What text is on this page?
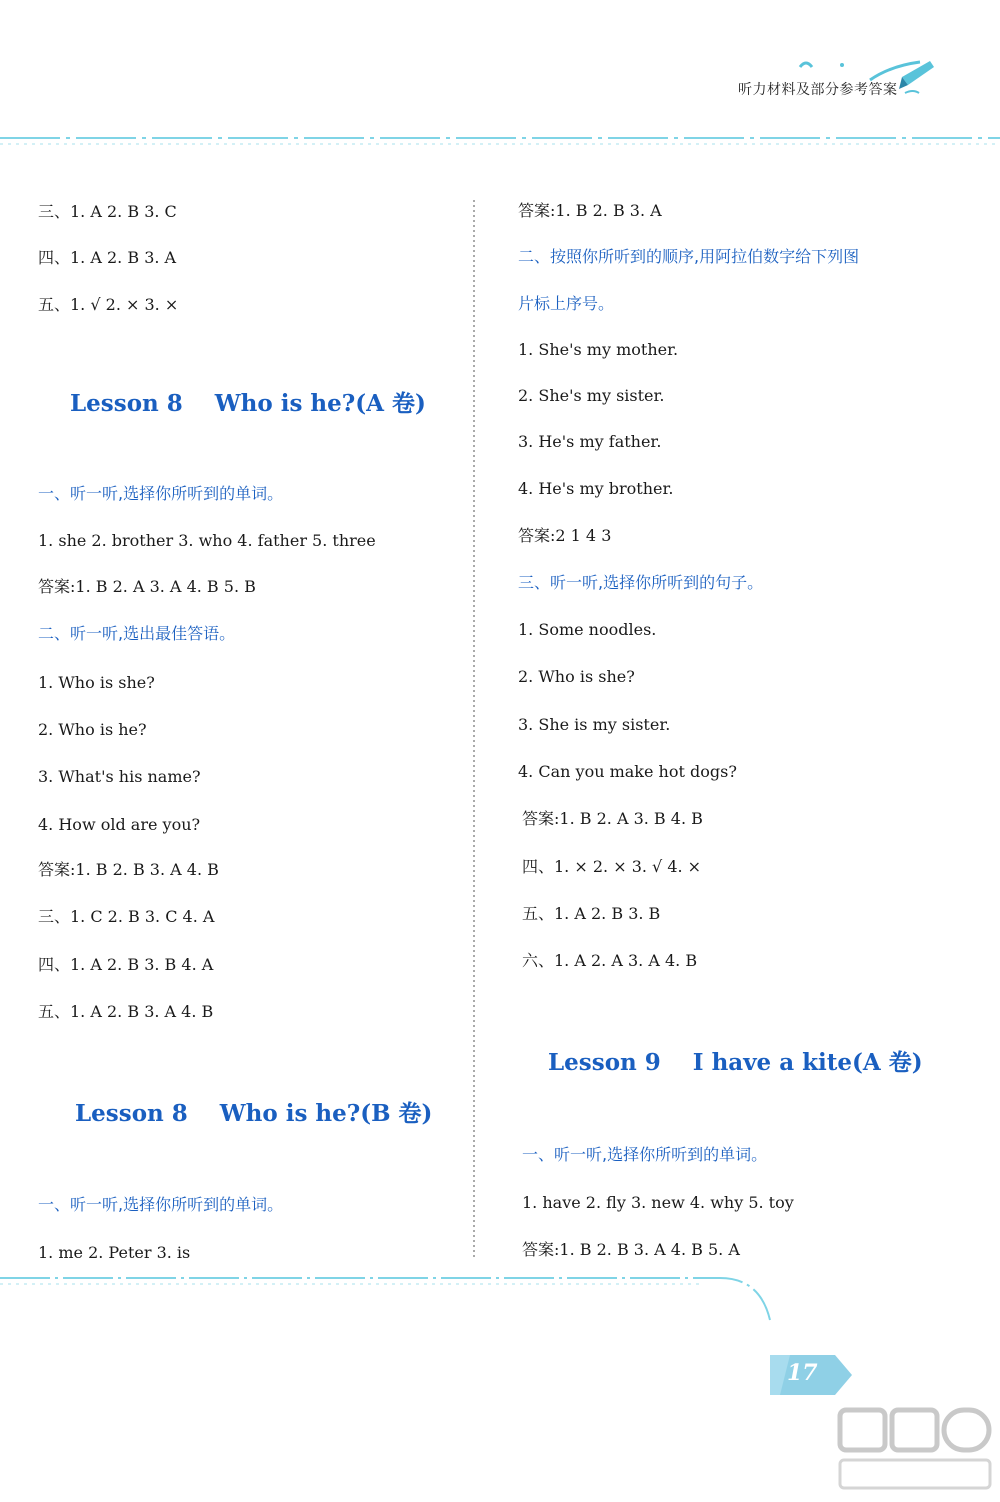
听力材料及部分参考答案
三、1. A 2. B 3. C
四、1. A 2. B 3. A
五、1. √ 2. × 3. ×
Lesson 8    Who is he?(A 卷)
一、听一听,选择你所听到的单词。
1. she 2. brother 3. who 4. father 5. three
答案:1. B 2. A 3. A 4. B 5. B
二、听一听,选出最佳答语。
1. Who is she?
2. Who is he?
3. What's his name?
4. How old are you?
答案:1. B 2. B 3. A 4. B
三、1. C 2. B 3. C 4. A
四、1. A 2. B 3. B 4. A
五、1. A 2. B 3. A 4. B
Lesson 8    Who is he?(B 卷)
一、听一听,选择你所听到的单词。
1. me 2. Peter 3. is
答案:1. B 2. B 3. A
二、按照你所听到的顺序,用阿拉伯数字给下列图
片标上序号。
1. She's my mother.
2. She's my sister.
3. He's my father.
4. He's my brother.
答案:2 1 4 3
三、听一听,选择你所听到的句子。
1. Some noodles.
2. Who is she?
3. She is my sister.
4. Can you make hot dogs?
答案:1. B 2. A 3. B 4. B
四、1. × 2. × 3. √ 4. ×
五、1. A 2. B 3. B
六、1. A 2. A 3. A 4. B
Lesson 9    I have a kite(A 卷)
一、听一听,选择你所听到的单词。
1. have 2. fly 3. new 4. why 5. toy
答案:1. B 2. B 3. A 4. B 5. A
17
